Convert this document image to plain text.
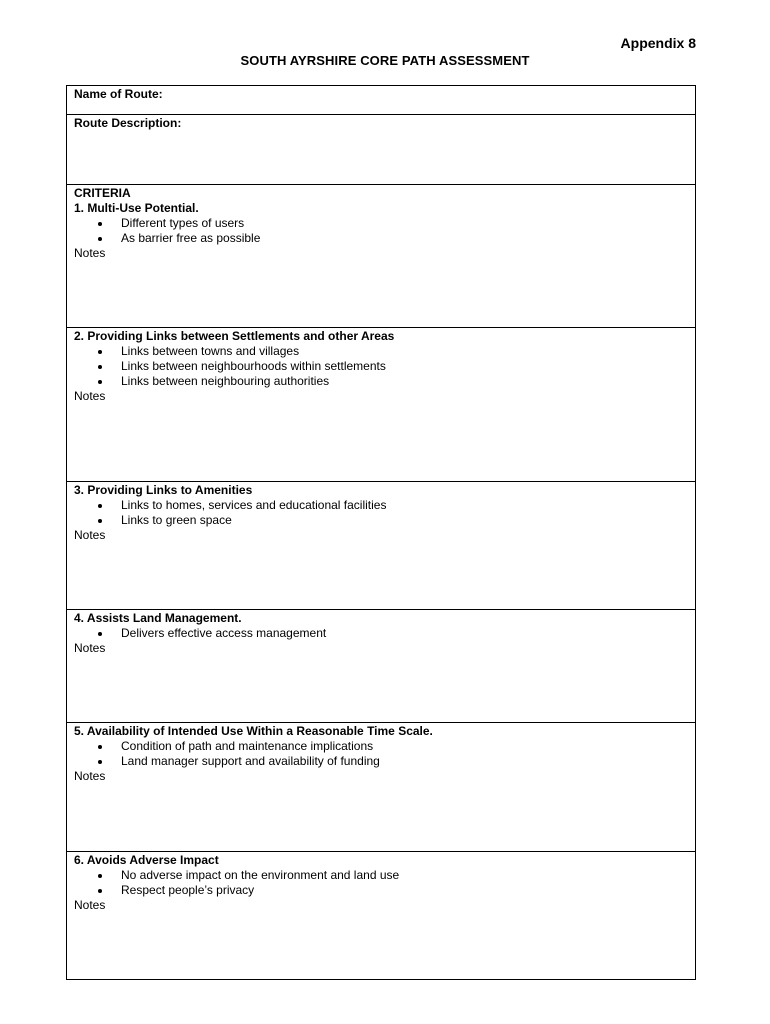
Appendix 8
SOUTH AYRSHIRE CORE PATH ASSESSMENT
Name of Route:
Route Description:
CRITERIA
1. Multi-Use Potential.
Different types of users
As barrier free as possible
Notes
2. Providing Links between Settlements and other Areas
Links between towns and villages
Links between neighbourhoods within settlements
Links between neighbouring authorities
Notes
3. Providing Links to Amenities
Links to homes, services and educational facilities
Links to green space
Notes
4. Assists Land Management.
Delivers effective access management
Notes
5. Availability of Intended Use Within a Reasonable Time Scale.
Condition of path and maintenance implications
Land manager support and availability of funding
Notes
6. Avoids Adverse Impact
No adverse impact on the environment and land use
Respect people’s privacy
Notes
